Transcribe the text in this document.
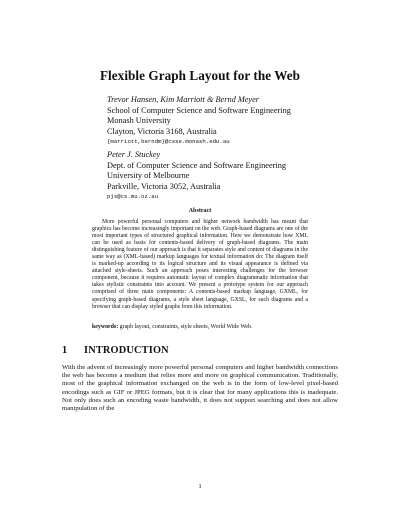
Flexible Graph Layout for the Web
Trevor Hansen, Kim Marriott & Bernd Meyer
School of Computer Science and Software Engineering
Monash University
Clayton, Victoria 3168, Australia
{marriott,berndm}@csse.monash.edu.au
Peter J. Stuckey
Dept. of Computer Science and Software Engineering
University of Melbourne
Parkville, Victoria 3052, Australia
pjs@cs.mu.oz.au
Abstract

More powerful personal computers and higher network bandwidth has meant that graphics has become increasingly important on the web. Graph-based diagrams are one of the most important types of structured graphical information. Here we demonstrate how XML can be used as basis for contents-based delivery of graph-based diagrams. The main distinguishing feature of our approach is that it separates style and content of diagrams in the same way as (XML-based) markup languages for textual information do: The diagram itself is marked-up according to its logical structure and its visual appearance is defined via attached style-sheets. Such an approach poses interesting challenges for the browser component, because it requires automatic layout of complex diagrammatic information that takes stylistic constraints into account. We present a prototype system for our approach comprised of three main components: A contents-based markup language, GXML, for specifying graph-based diagrams, a style sheet language, GXSL, for such diagrams and a browser that can display styled graphs from this information.

keywords: graph layout, constraints, style sheets, World Wide Web.
1 INTRODUCTION

With the advent of increasingly more powerful personal computers and higher bandwidth connections the web has become a medium that relies more and more on graphical communication. Traditionally, most of the graphical information exchanged on the web is in the form of low-level pixel-based encodings such as GIF or JPEG formats, but it is clear that for many applications this is inadequate. Not only does such an encoding waste bandwidth, it does not support searching and does not allow manipulation of the

1
